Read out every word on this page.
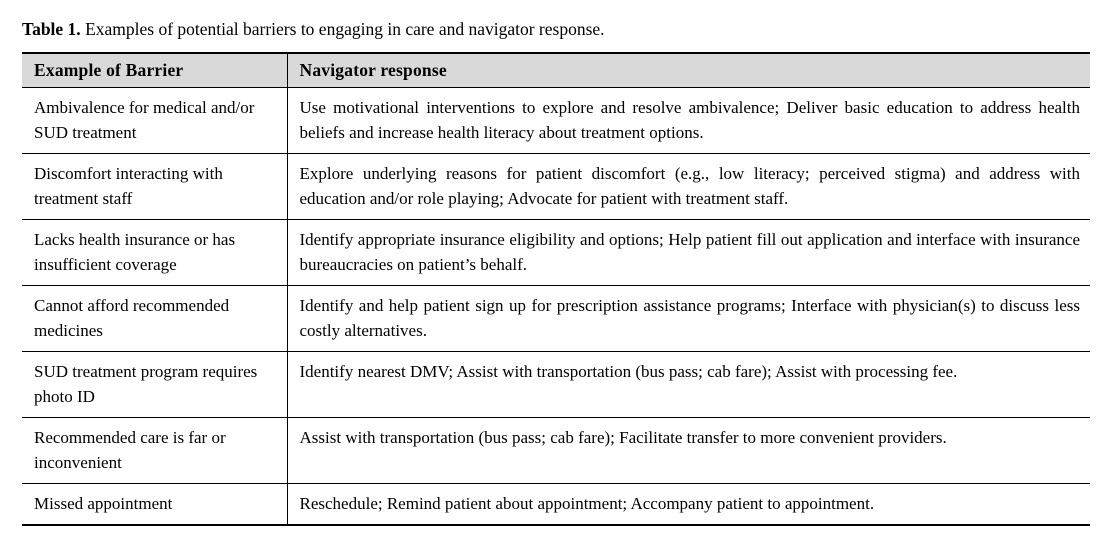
Table 1. Examples of potential barriers to engaging in care and navigator response.
Example of Barrier	Navigator response
Ambivalence for medical and/or SUD treatment	Use motivational interventions to explore and resolve ambivalence; Deliver basic education to address health beliefs and increase health literacy about treatment options.
Discomfort interacting with treatment staff	Explore underlying reasons for patient discomfort (e.g., low literacy; perceived stigma) and address with education and/or role playing; Advocate for patient with treatment staff.
Lacks health insurance or has insufficient coverage	Identify appropriate insurance eligibility and options; Help patient fill out application and interface with insurance bureaucracies on patient’s behalf.
Cannot afford recommended medicines	Identify and help patient sign up for prescription assistance programs; Interface with physician(s) to discuss less costly alternatives.
SUD treatment program requires photo ID	Identify nearest DMV; Assist with transportation (bus pass; cab fare); Assist with processing fee.
Recommended care is far or inconvenient	Assist with transportation (bus pass; cab fare); Facilitate transfer to more convenient providers.
Missed appointment	Reschedule; Remind patient about appointment; Accompany patient to appointment.
